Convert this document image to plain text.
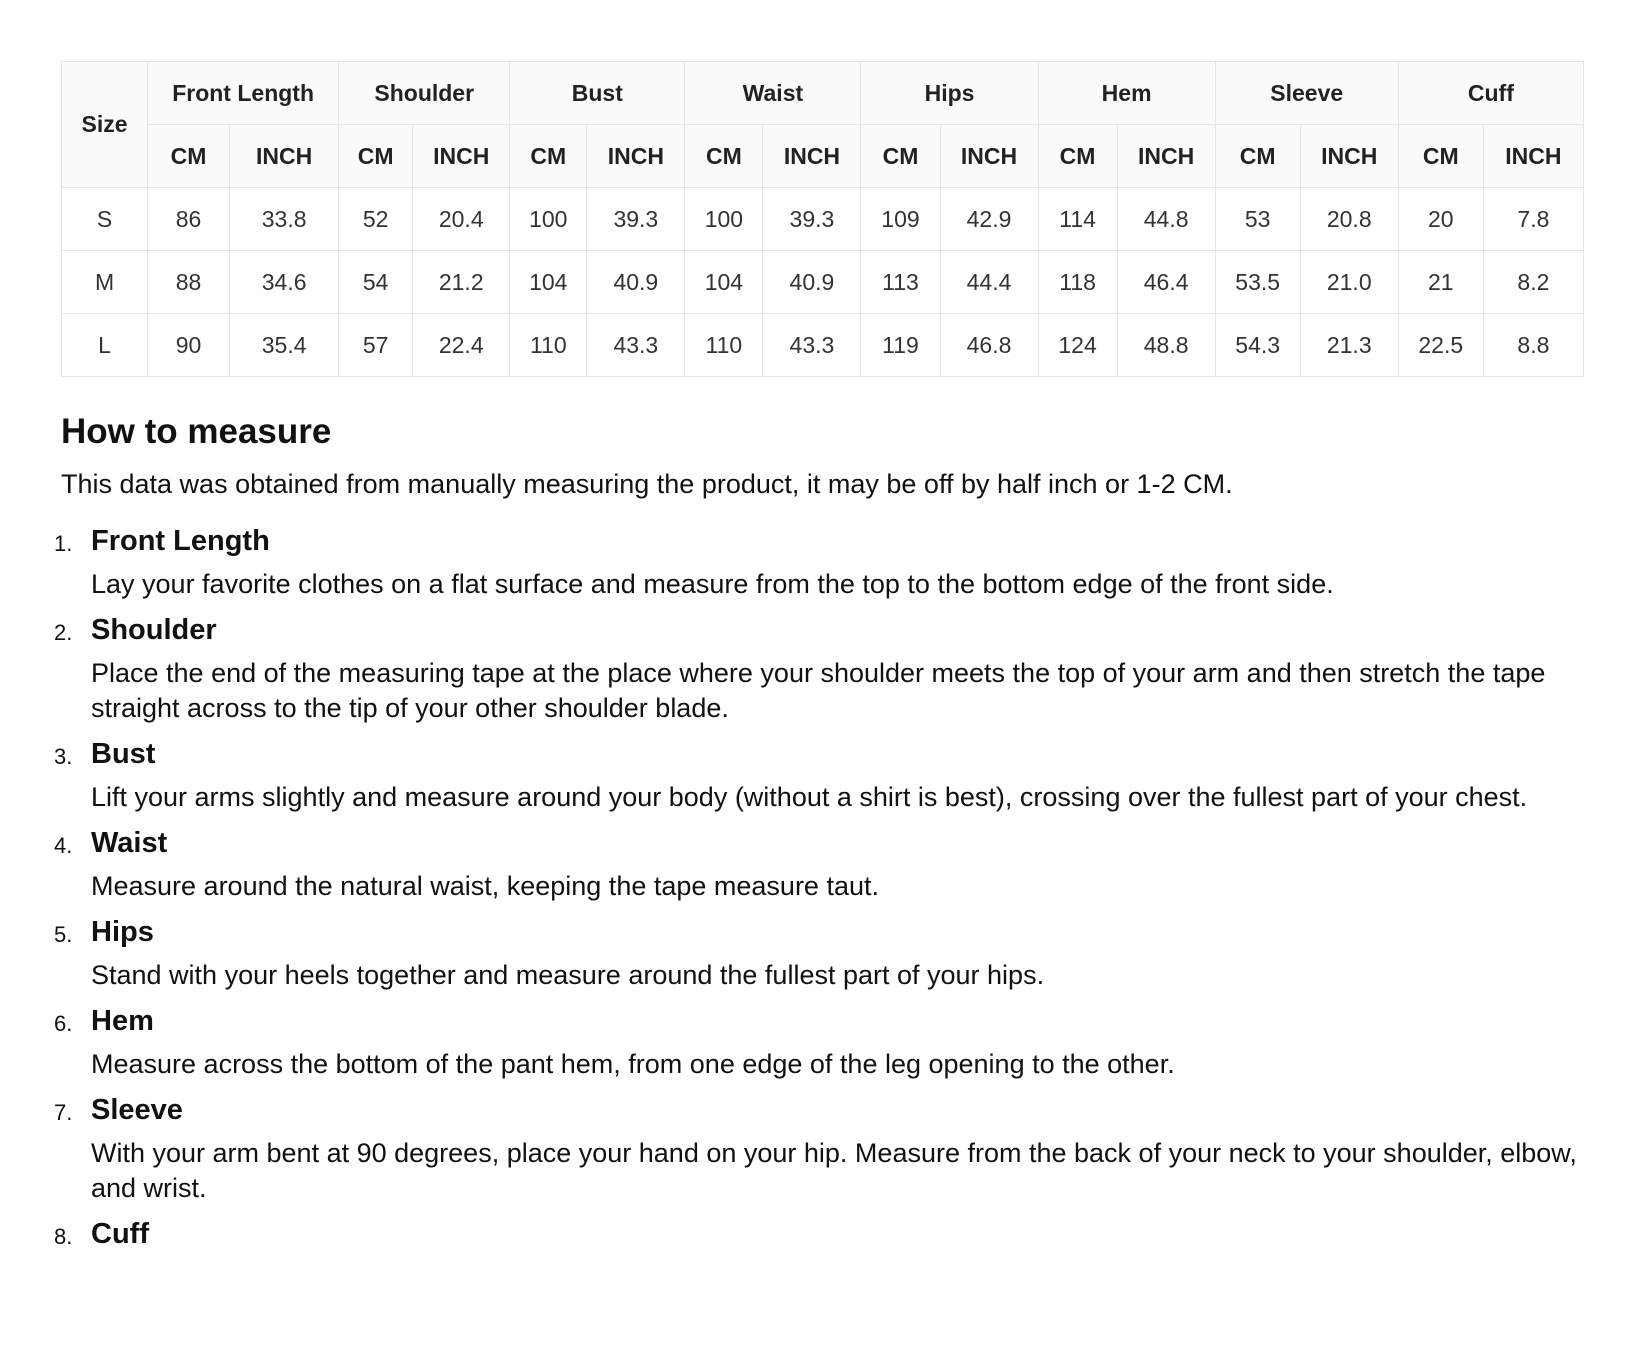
Size	Front Length		Shoulder		Bust		Waist		Hips		Hem		Sleeve		Cuff	
	CM	INCH	CM	INCH	CM	INCH	CM	INCH	CM	INCH	CM	INCH	CM	INCH	CM	INCH
S	86	33.8	52	20.4	100	39.3	100	39.3	109	42.9	114	44.8	53	20.8	20	7.8
M	88	34.6	54	21.2	104	40.9	104	40.9	113	44.4	118	46.4	53.5	21.0	21	8.2
L	90	35.4	57	22.4	110	43.3	110	43.3	119	46.8	124	48.8	54.3	21.3	22.5	8.8
How to measure

This data was obtained from manually measuring the product, it may be off by half inch or 1-2 CM.

1. Front Length
Lay your favorite clothes on a flat surface and measure from the top to the bottom edge of the front side.
2. Shoulder
Place the end of the measuring tape at the place where your shoulder meets the top of your arm and then stretch the tape straight across to the tip of your other shoulder blade.
3. Bust
Lift your arms slightly and measure around your body (without a shirt is best), crossing over the fullest part of your chest.
4. Waist
Measure around the natural waist, keeping the tape measure taut.
5. Hips
Stand with your heels together and measure around the fullest part of your hips.
6. Hem
Measure across the bottom of the pant hem, from one edge of the leg opening to the other.
7. Sleeve
With your arm bent at 90 degrees, place your hand on your hip. Measure from the back of your neck to your shoulder, elbow, and wrist.
8. Cuff
